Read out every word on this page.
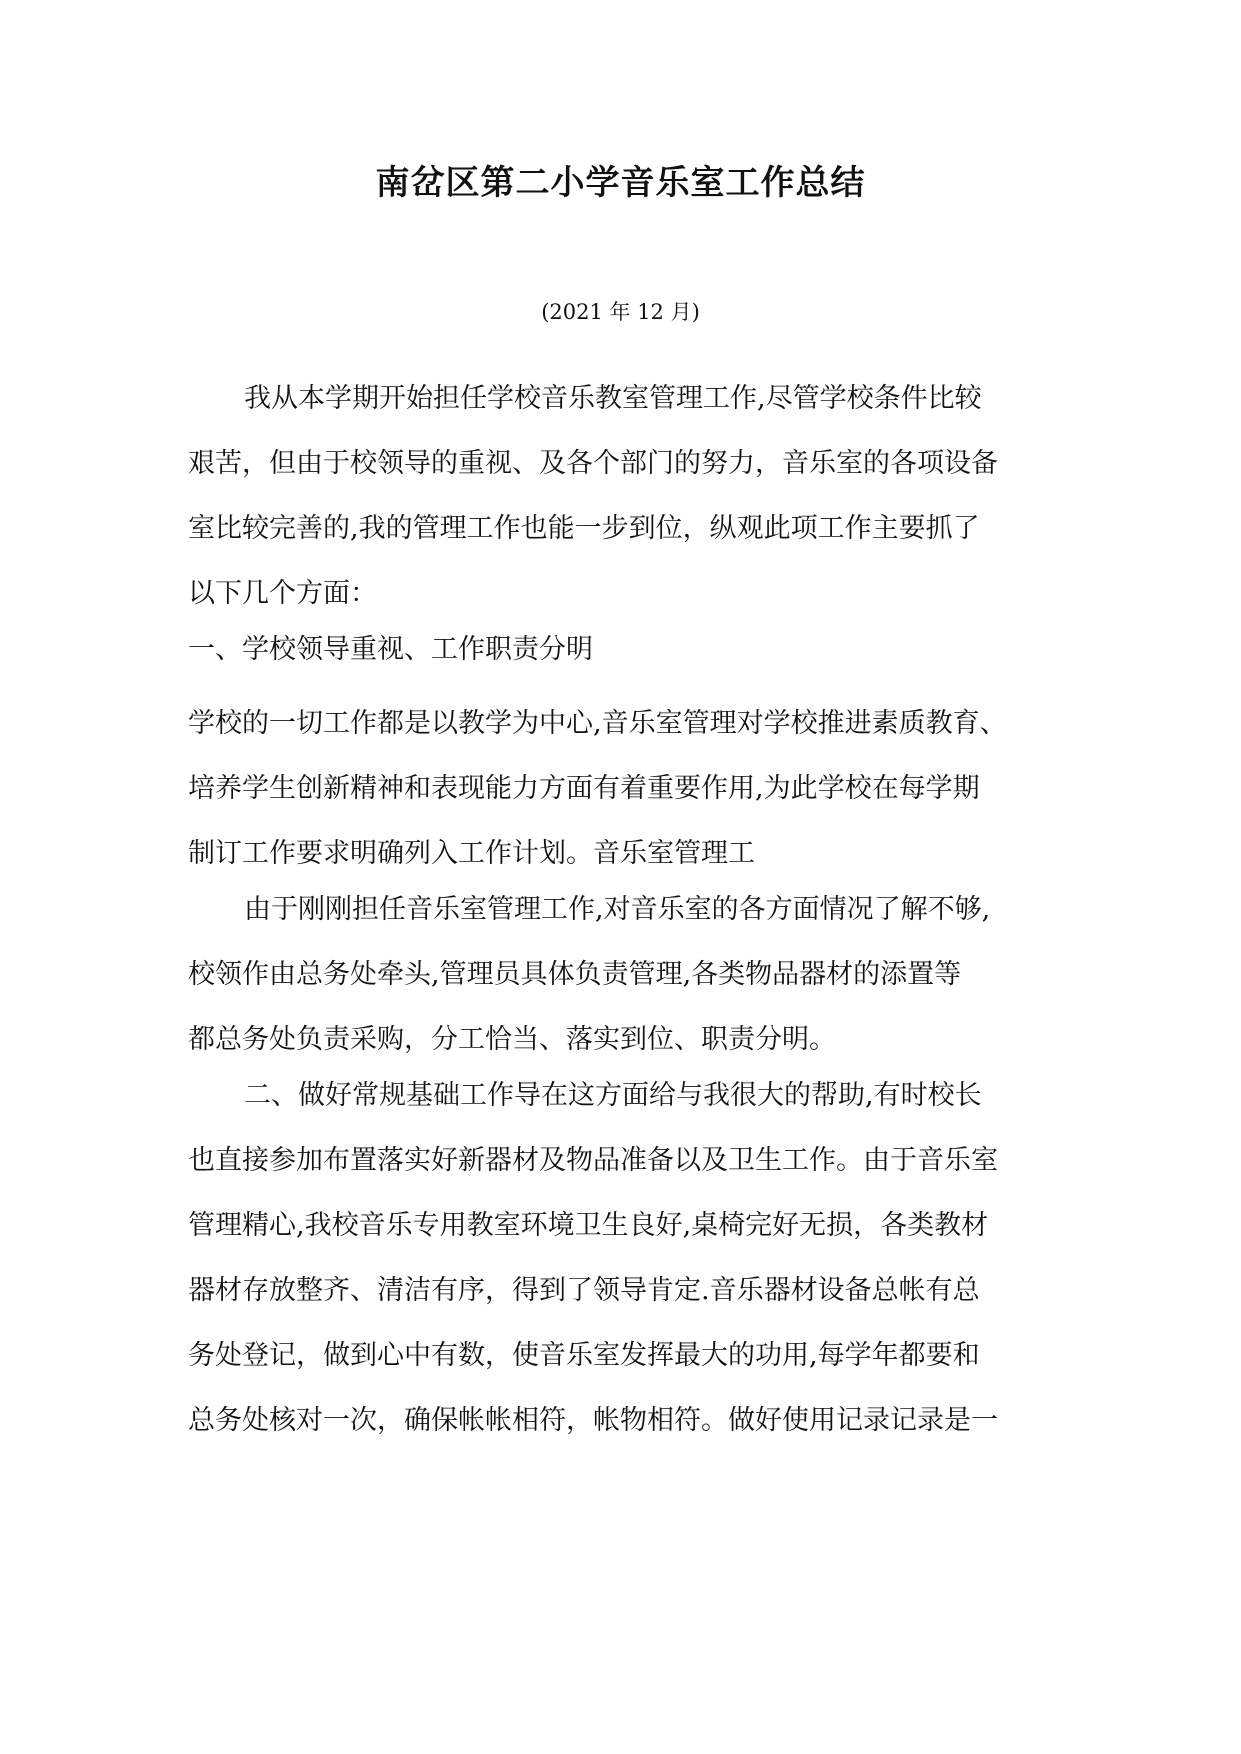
南岔区第二小学音乐室工作总结
(2021 年 12 月)

我从本学期开始担任学校音乐教室管理工作,尽管学校条件比较
艰苦，但由于校领导的重视、及各个部门的努力，音乐室的各项设备
室比较完善的,我的管理工作也能一步到位，纵观此项工作主要抓了
以下几个方面：

一、学校领导重视、工作职责分明

学校的一切工作都是以教学为中心,音乐室管理对学校推进素质教育、
培养学生创新精神和表现能力方面有着重要作用,为此学校在每学期
制订工作要求明确列入工作计划。音乐室管理工

由于刚刚担任音乐室管理工作,对音乐室的各方面情况了解不够,
校领作由总务处牵头,管理员具体负责管理,各类物品器材的添置等
都总务处负责采购，分工恰当、落实到位、职责分明。

二、做好常规基础工作导在这方面给与我很大的帮助,有时校长
也直接参加布置落实好新器材及物品准备以及卫生工作。由于音乐室
管理精心,我校音乐专用教室环境卫生良好,桌椅完好无损，各类教材
器材存放整齐、清洁有序，得到了领导肯定.音乐器材设备总帐有总
务处登记，做到心中有数，使音乐室发挥最大的功用,每学年都要和
总务处核对一次，确保帐帐相符，帐物相符。做好使用记录记录是一
